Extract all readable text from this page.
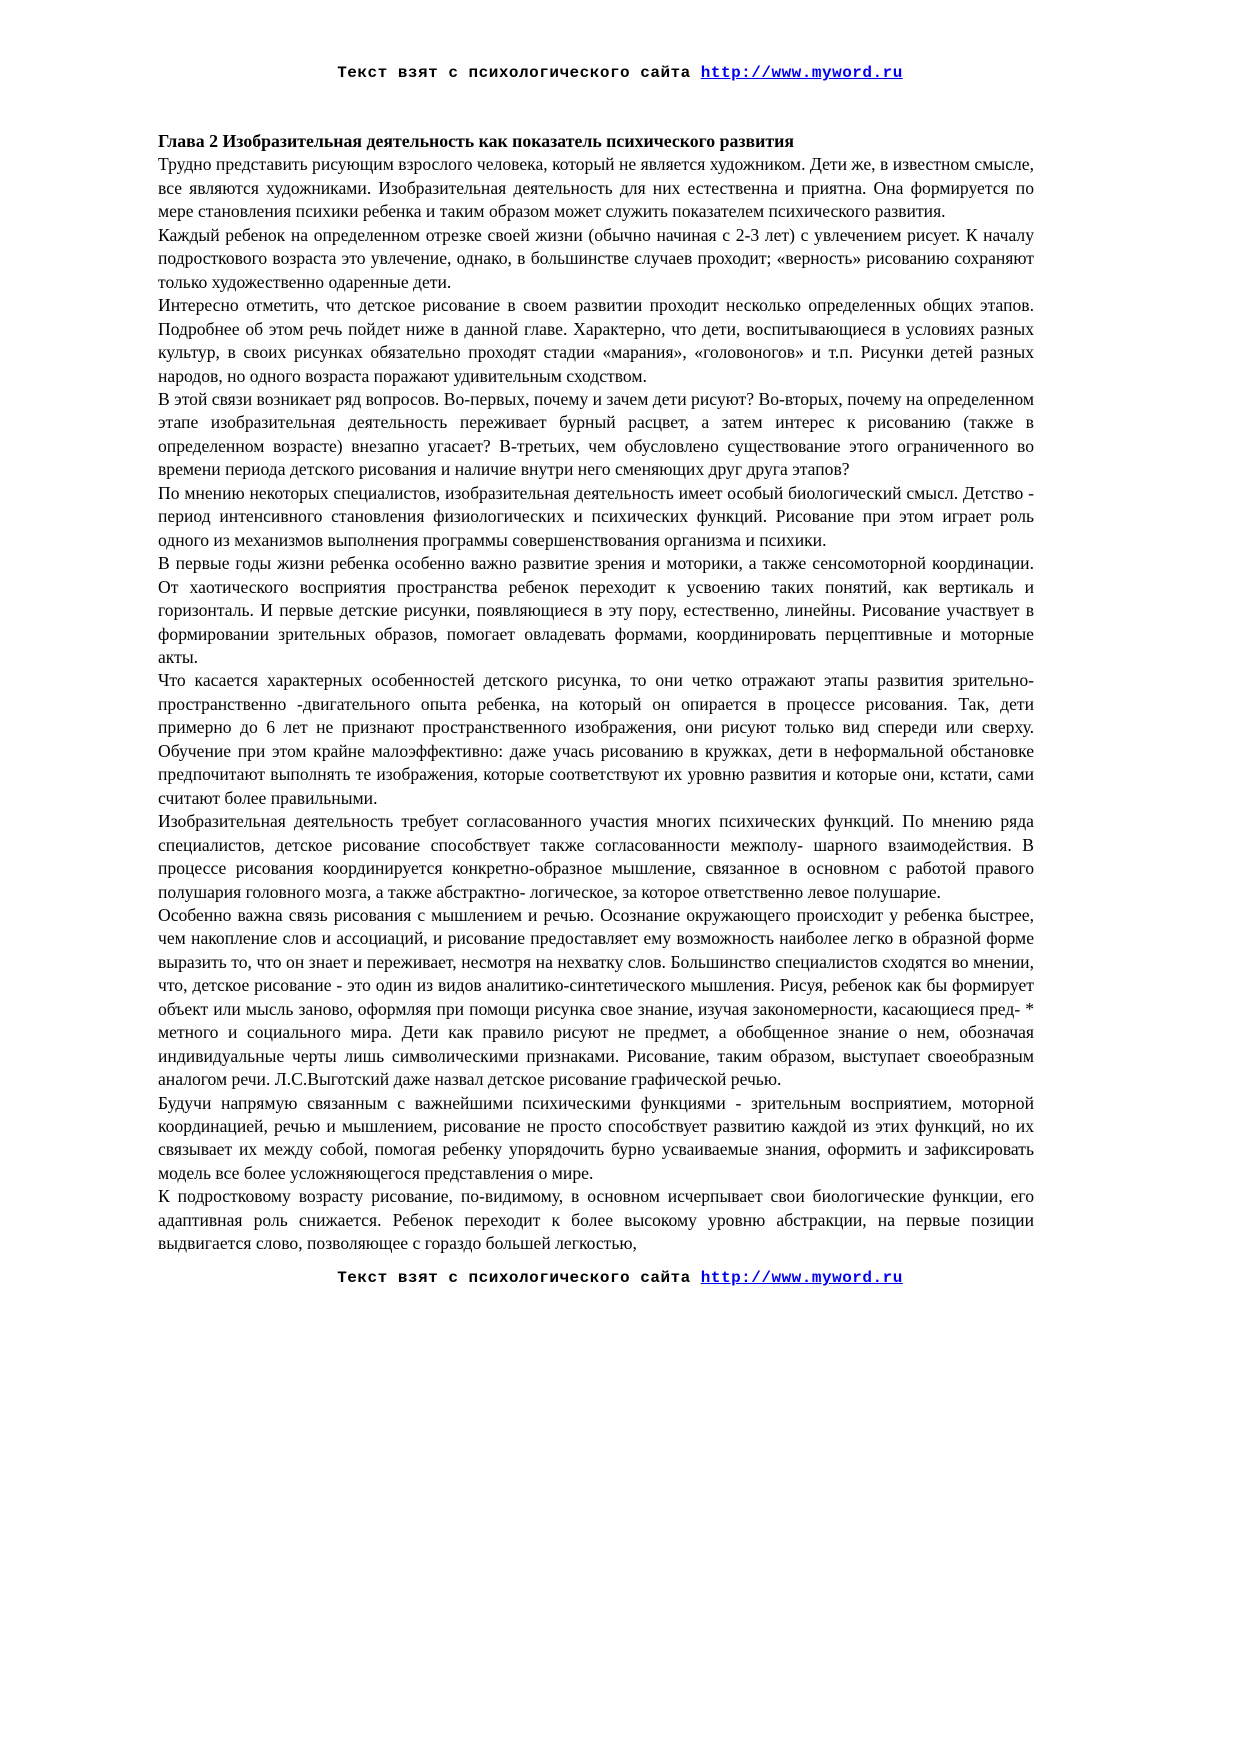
Текст взят с психологического сайта http://www.myword.ru
Глава 2 Изобразительная деятельность как показатель психического развития

Трудно представить рисующим взрослого человека, который не является художником. Дети же, в известном смысле, все являются художниками. Изобразительная деятельность для них естественна и приятна. Она формируется по мере становления психики ребенка и таким образом может служить показателем психического развития.

Каждый ребенок на определенном отрезке своей жизни (обычно начиная с 2-3 лет) с увлечением рисует. К началу подросткового возраста это увлечение, однако, в большинстве случаев проходит; «верность» рисованию сохраняют только художественно одаренные дети.

Интересно отметить, что детское рисование в своем развитии проходит несколько определенных общих этапов. Подробнее об этом речь пойдет ниже в данной главе. Характерно, что дети, воспитывающиеся в условиях разных культур, в своих рисунках обязательно проходят стадии «марания», «головоногов» и т.п. Рисунки детей разных народов, но одного возраста поражают удивительным сходством.

В этой связи возникает ряд вопросов. Во-первых, почему и зачем дети рисуют? Во-вторых, почему на определенном этапе изобразительная деятельность переживает бурный расцвет, а затем интерес к рисованию (также в определенном возрасте) внезапно угасает? В-третьих, чем обусловлено существование этого ограниченного во времени периода детского рисования и наличие внутри него сменяющих друг друга этапов?

По мнению некоторых специалистов, изобразительная деятельность имеет особый биологический смысл. Детство - период интенсивного становления физиологических и психических функций. Рисование при этом играет роль одного из механизмов выполнения программы совершенствования организма и психики.

В первые годы жизни ребенка особенно важно развитие зрения и моторики, а также сенсомоторной координации. От хаотического восприятия пространства ребенок переходит к усвоению таких понятий, как вертикаль и горизонталь. И первые детские рисунки, появляющиеся в эту пору, естественно, линейны. Рисование участвует в формировании зрительных образов, помогает овладевать формами, координировать перцептивные и моторные акты.

Что касается характерных особенностей детского рисунка, то они четко отражают этапы развития зрительно-пространственно -двигательного опыта ребенка, на который он опирается в процессе рисования. Так, дети примерно до 6 лет не признают пространственного изображения, они рисуют только вид спереди или сверху. Обучение при этом крайне малоэффективно: даже учась рисованию в кружках, дети в неформальной обстановке предпочитают выполнять те изображения, которые соответствуют их уровню развития и которые они, кстати, сами считают более правильными.

Изобразительная деятельность требует согласованного участия многих психических функций. По мнению ряда специалистов, детское рисование способствует также согласованности межполу- шарного взаимодействия. В процессе рисования координируется конкретно-образное мышление, связанное в основном с работой правого полушария головного мозга, а также абстрактно- логическое, за которое ответственно левое полушарие.

Особенно важна связь рисования с мышлением и речью. Осознание окружающего происходит у ребенка быстрее, чем накопление слов и ассоциаций, и рисование предоставляет ему возможность наиболее легко в образной форме выразить то, что он знает и переживает, несмотря на нехватку слов. Большинство специалистов сходятся во мнении, что, детское рисование - это один из видов аналитико-синтетического мышления. Рисуя, ребенок как бы формирует объект или мысль заново, оформляя при помощи рисунка свое знание, изучая закономерности, касающиеся пред- * метного и социального мира. Дети как правило рисуют не предмет, а обобщенное знание о нем, обозначая индивидуальные черты лишь символическими признаками. Рисование, таким образом, выступает своеобразным аналогом речи. Л.С.Выготский даже назвал детское рисование графической речью.

Будучи напрямую связанным с важнейшими психическими функциями - зрительным восприятием, моторной координацией, речью и мышлением, рисование не просто способствует развитию каждой из этих функций, но их связывает их между собой, помогая ребенку упорядочить бурно усваиваемые знания, оформить и зафиксировать модель все более усложняющегося представления о мире.

К подростковому возрасту рисование, по-видимому, в основном исчерпывает свои биологические функции, его адаптивная роль снижается. Ребенок переходит к более высокому уровню абстракции, на первые позиции выдвигается слово, позволяющее с гораздо большей легкостью,

Текст взят с психологического сайта http://www.myword.ru
